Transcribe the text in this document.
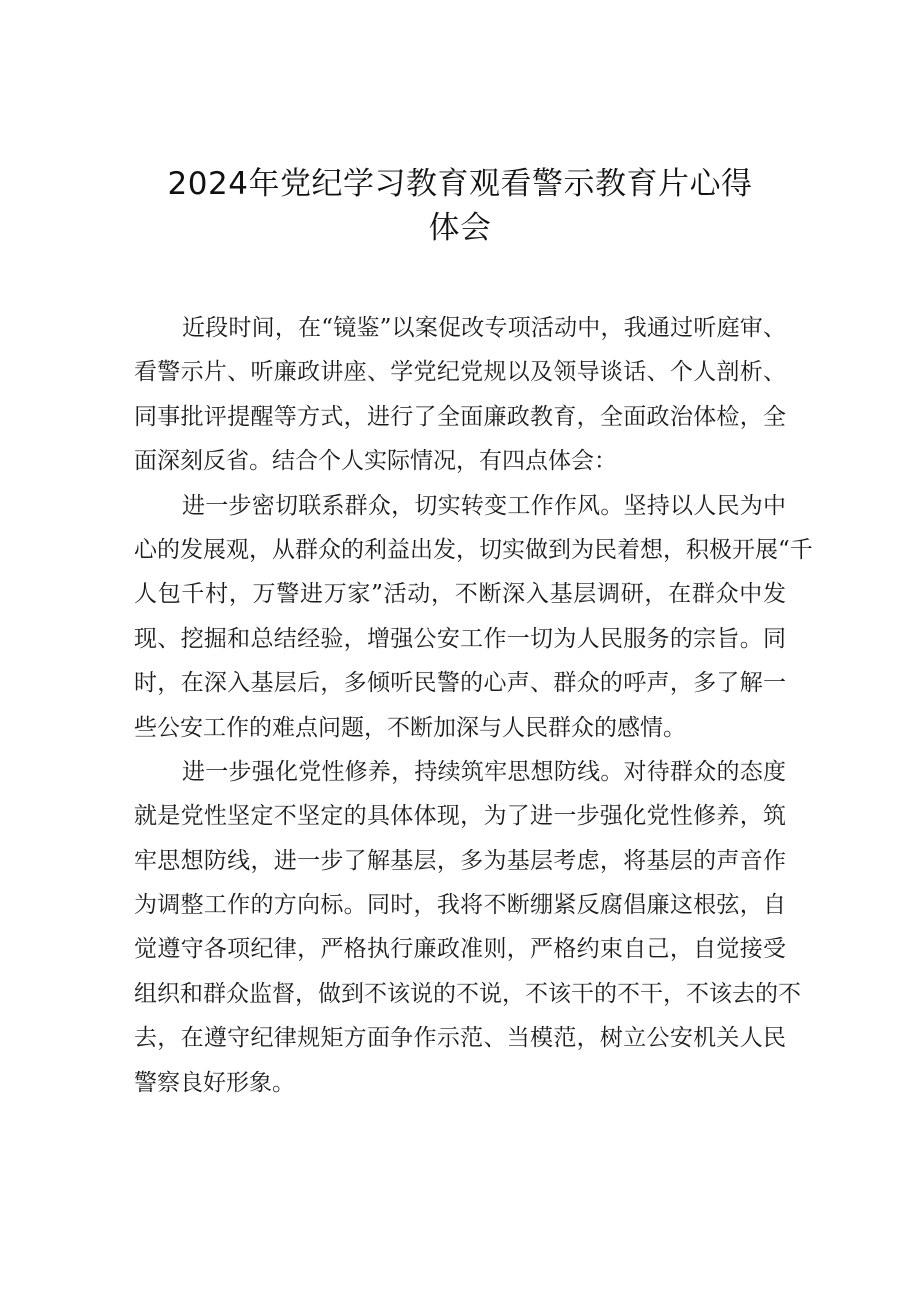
2024年党纪学习教育观看警示教育片心得
体会
近段时间，在“镜鉴”以案促改专项活动中，我通过听庭审、
看警示片、听廉政讲座、学党纪党规以及领导谈话、个人剖析、
同事批评提醒等方式，进行了全面廉政教育，全面政治体检，全
面深刻反省。结合个人实际情况，有四点体会：
进一步密切联系群众，切实转变工作作风。坚持以人民为中
心的发展观，从群众的利益出发，切实做到为民着想，积极开展“千
人包千村，万警进万家”活动，不断深入基层调研，在群众中发
现、挖掘和总结经验，增强公安工作一切为人民服务的宗旨。同
时，在深入基层后，多倾听民警的心声、群众的呼声，多了解一
些公安工作的难点问题，不断加深与人民群众的感情。
进一步强化党性修养，持续筑牢思想防线。对待群众的态度
就是党性坚定不坚定的具体体现，为了进一步强化党性修养，筑
牢思想防线，进一步了解基层，多为基层考虑，将基层的声音作
为调整工作的方向标。同时，我将不断绷紧反腐倡廉这根弦，自
觉遵守各项纪律，严格执行廉政准则，严格约束自己，自觉接受
组织和群众监督，做到不该说的不说，不该干的不干，不该去的不
去，在遵守纪律规矩方面争作示范、当模范，树立公安机关人民
警察良好形象。
